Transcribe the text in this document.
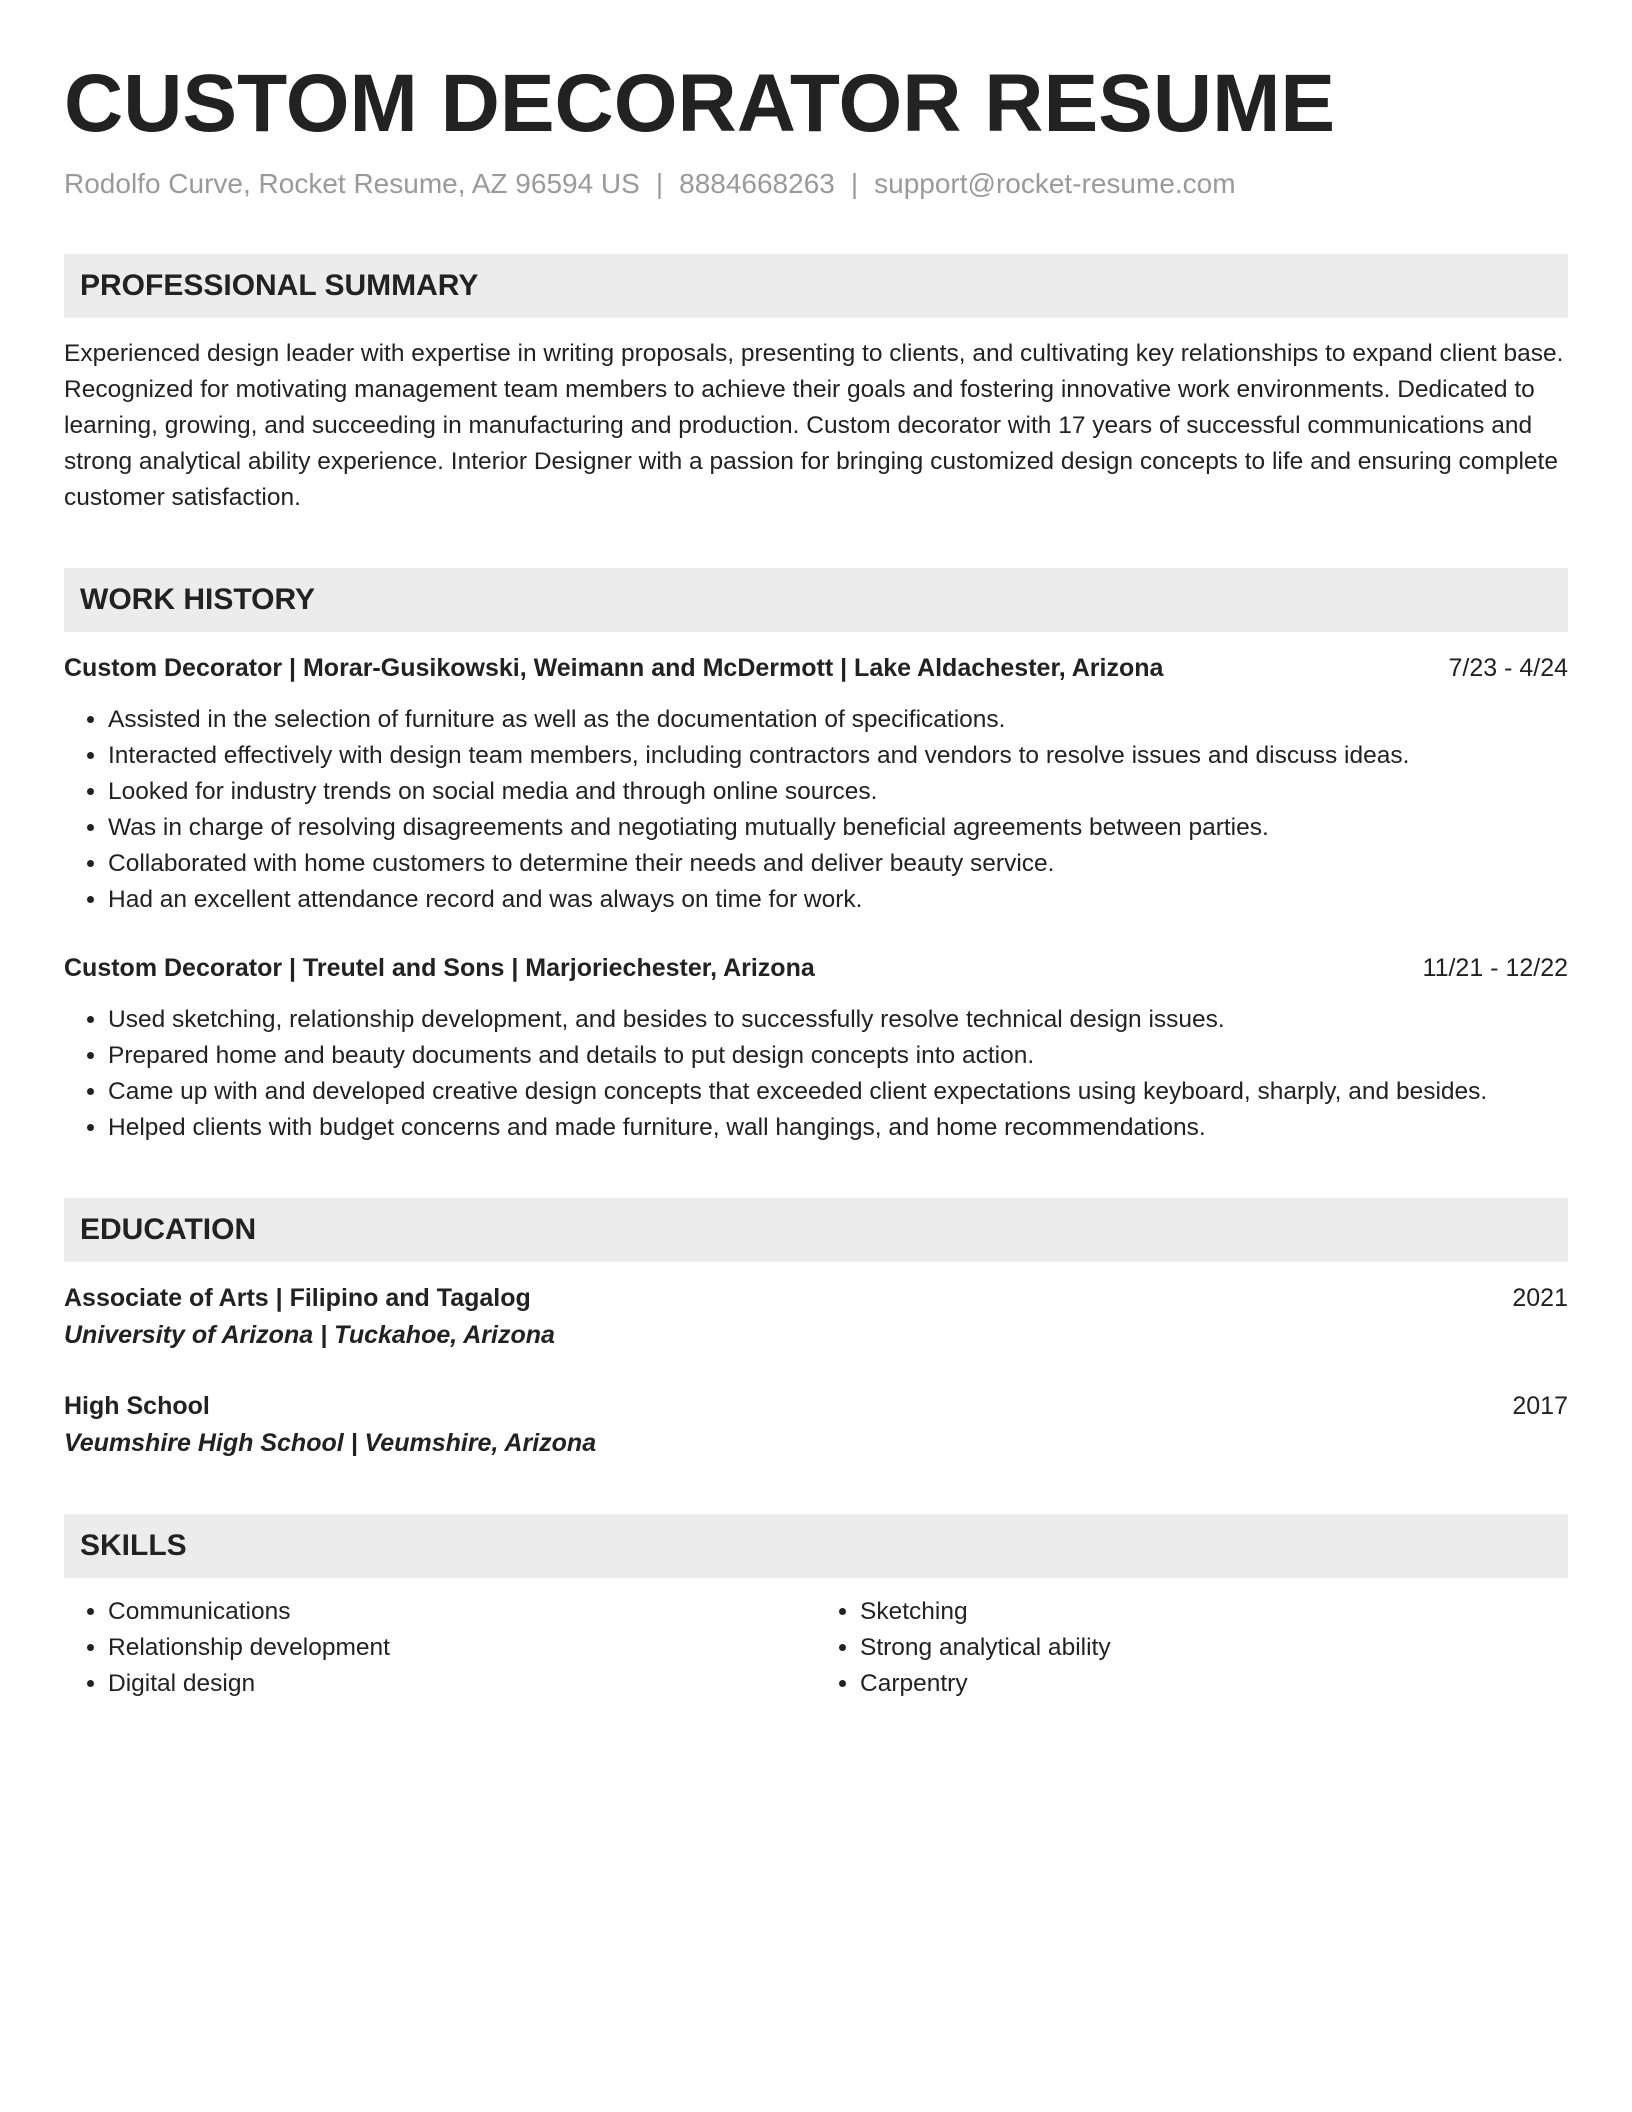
CUSTOM DECORATOR RESUME
Rodolfo Curve, Rocket Resume, AZ 96594 US | 8884668263 | support@rocket-resume.com
PROFESSIONAL SUMMARY
Experienced design leader with expertise in writing proposals, presenting to clients, and cultivating key relationships to expand client base. Recognized for motivating management team members to achieve their goals and fostering innovative work environments. Dedicated to learning, growing, and succeeding in manufacturing and production. Custom decorator with 17 years of successful communications and strong analytical ability experience. Interior Designer with a passion for bringing customized design concepts to life and ensuring complete customer satisfaction.
WORK HISTORY
Custom Decorator | Morar-Gusikowski, Weimann and McDermott | Lake Aldachester, Arizona	7/23 - 4/24
• Assisted in the selection of furniture as well as the documentation of specifications.
• Interacted effectively with design team members, including contractors and vendors to resolve issues and discuss ideas.
• Looked for industry trends on social media and through online sources.
• Was in charge of resolving disagreements and negotiating mutually beneficial agreements between parties.
• Collaborated with home customers to determine their needs and deliver beauty service.
• Had an excellent attendance record and was always on time for work.
Custom Decorator | Treutel and Sons | Marjoriechester, Arizona	11/21 - 12/22
• Used sketching, relationship development, and besides to successfully resolve technical design issues.
• Prepared home and beauty documents and details to put design concepts into action.
• Came up with and developed creative design concepts that exceeded client expectations using keyboard, sharply, and besides.
• Helped clients with budget concerns and made furniture, wall hangings, and home recommendations.
EDUCATION
Associate of Arts | Filipino and Tagalog	2021
University of Arizona | Tuckahoe, Arizona
High School	2017
Veumshire High School | Veumshire, Arizona
SKILLS
• Communications
• Relationship development
• Digital design
• Sketching
• Strong analytical ability
• Carpentry
